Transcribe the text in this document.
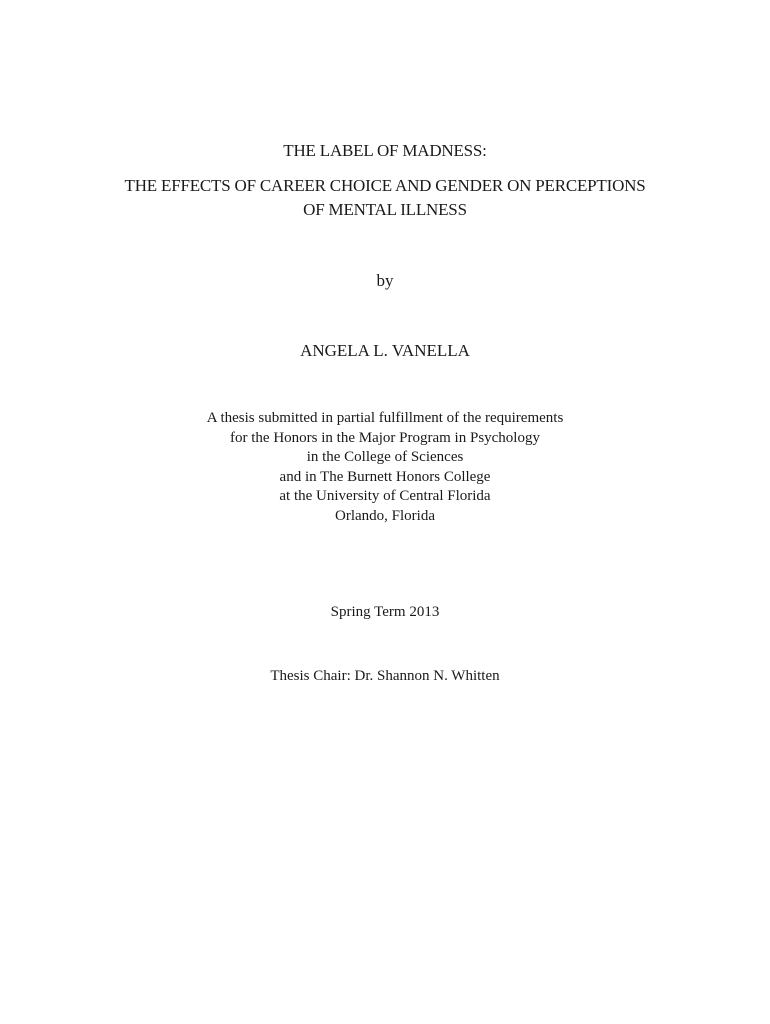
THE LABEL OF MADNESS:
THE EFFECTS OF CAREER CHOICE AND GENDER ON PERCEPTIONS
OF MENTAL ILLNESS
by
ANGELA L. VANELLA
A thesis submitted in partial fulfillment of the requirements
for the Honors in the Major Program in Psychology
in the College of Sciences
and in The Burnett Honors College
at the University of Central Florida
Orlando, Florida
Spring Term 2013
Thesis Chair: Dr. Shannon N. Whitten
